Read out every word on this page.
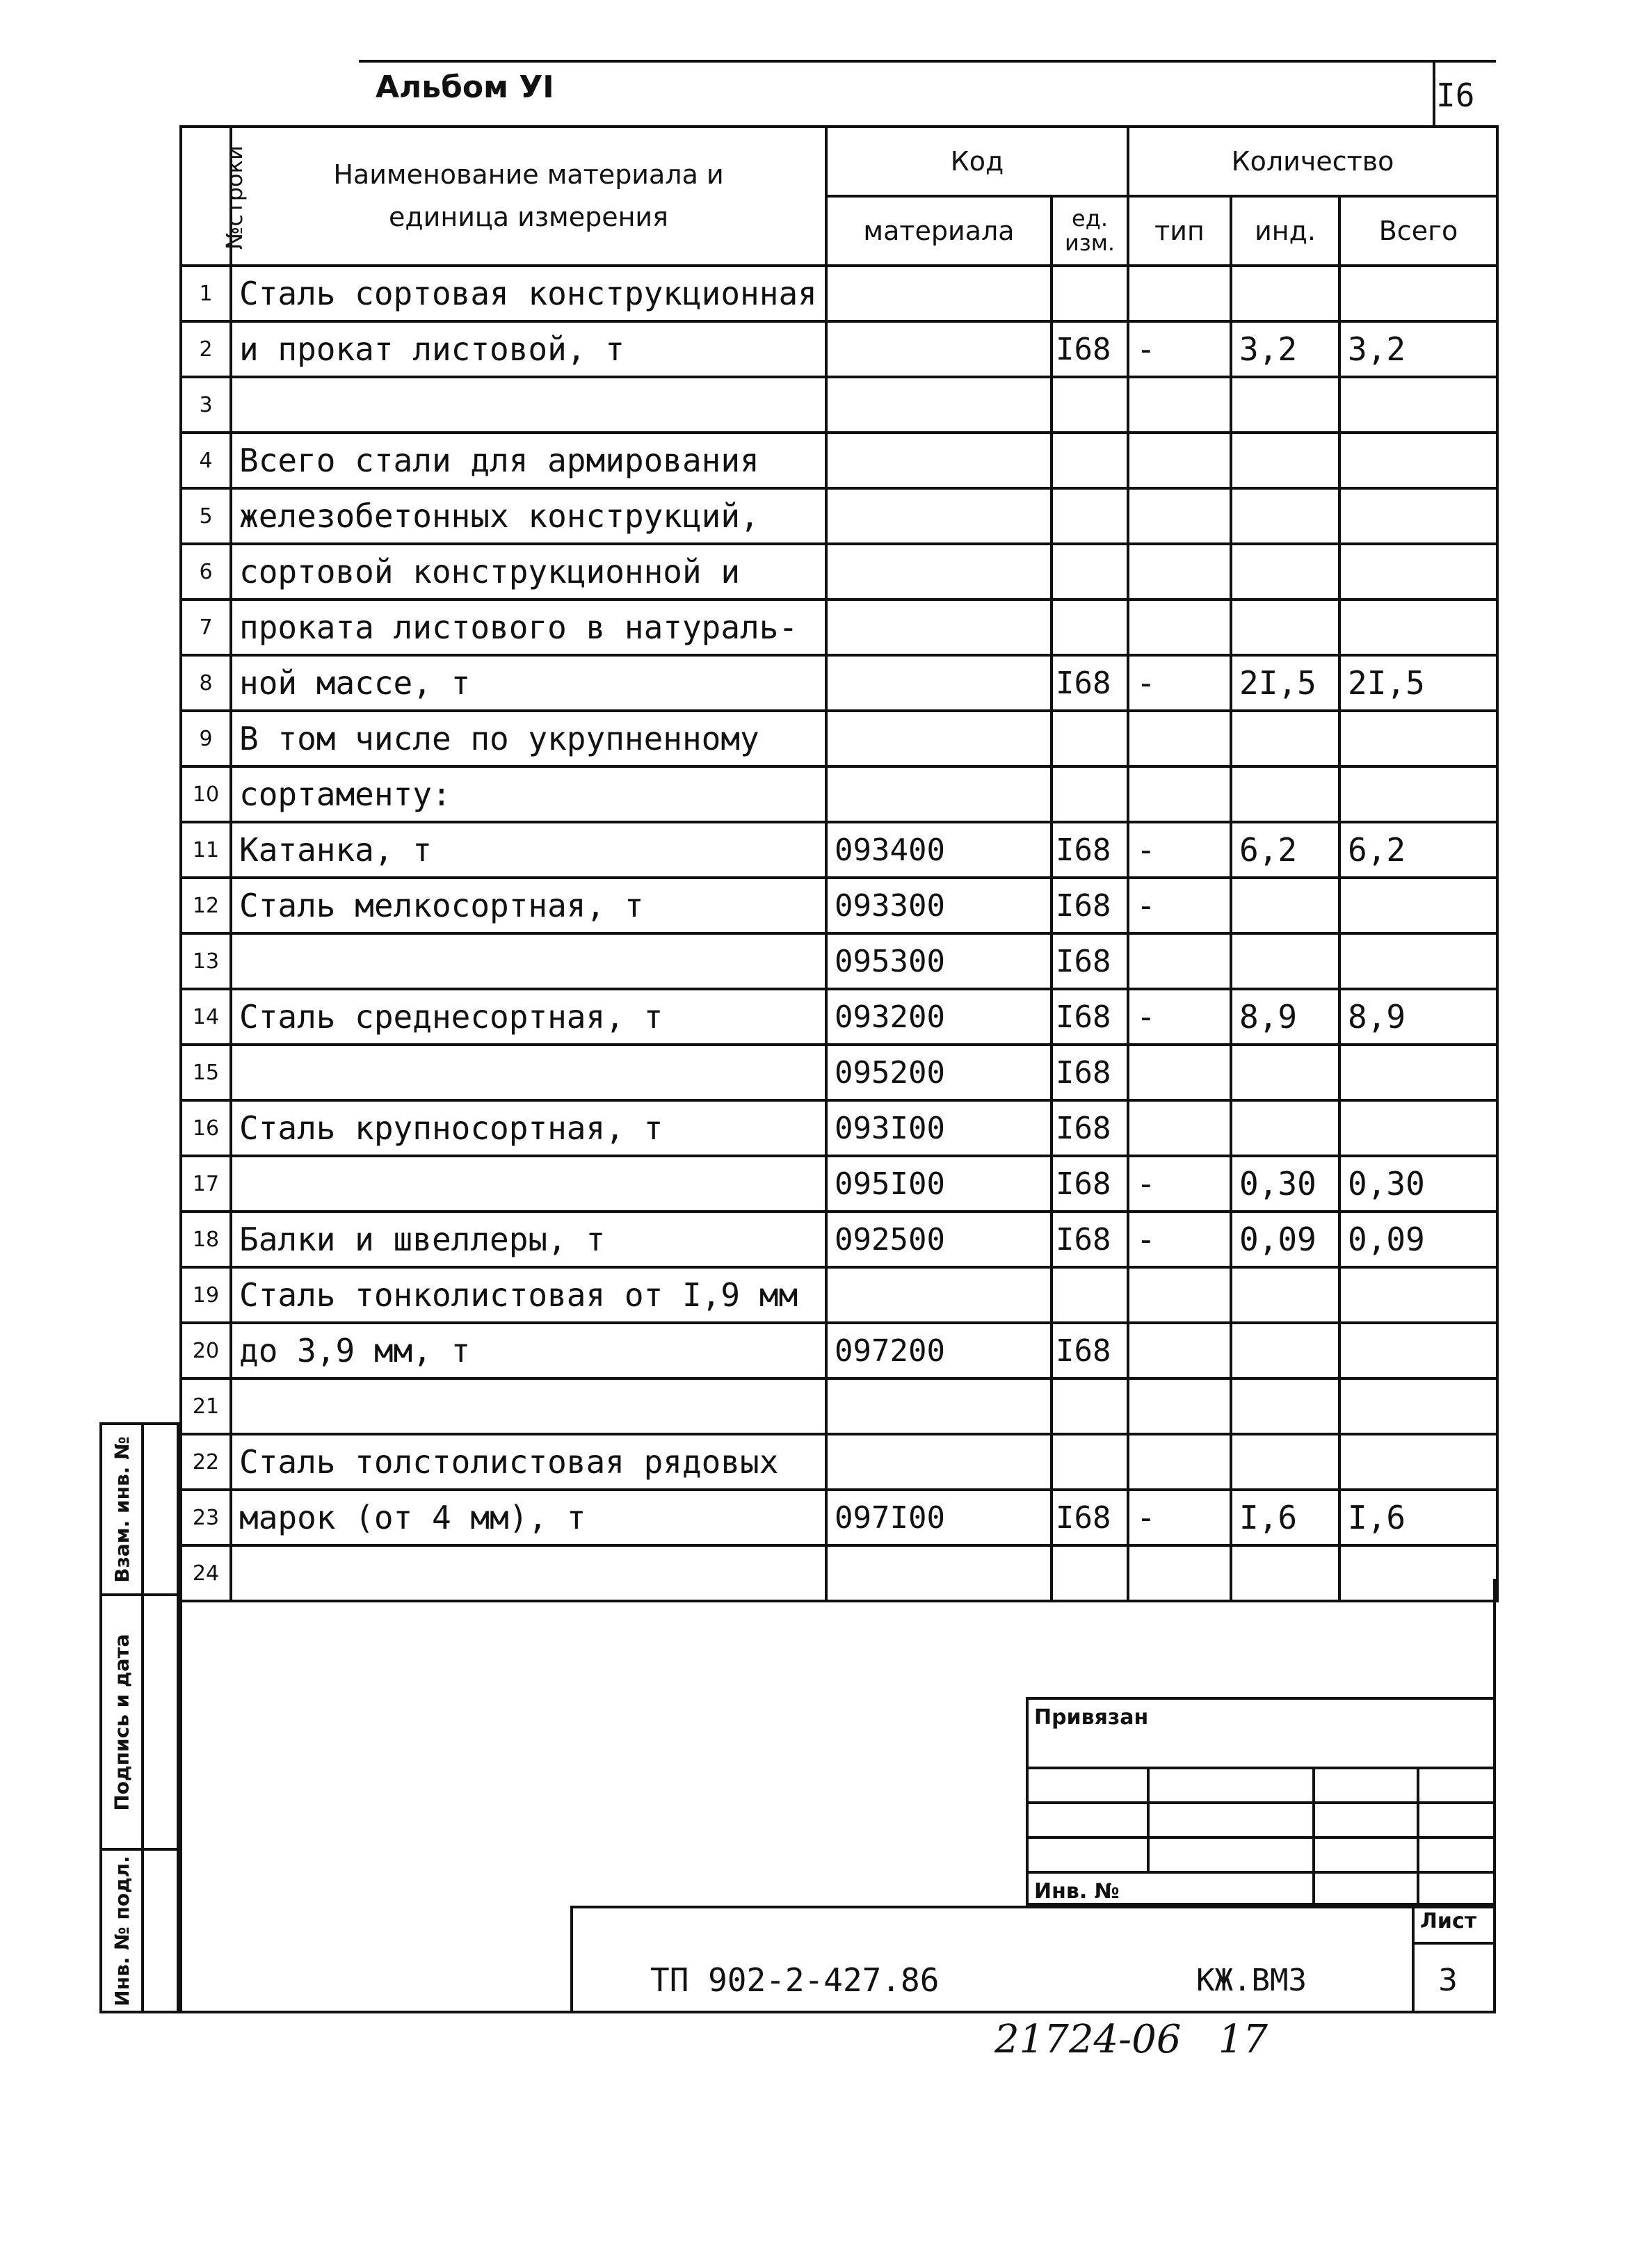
Альбом УI	I6
№строки	Наименование материала и единица измерения	Код		Количество		
		материала	ед. изм.	тип	инд.	Всего
1	Сталь сортовая конструкционная					
2	и прокат листовой, т		I68	-	3,2	3,2
3						
4	Всего стали для армирования					
5	железобетонных конструкций,					
6	сортовой конструкционной и					
7	проката листового в натураль-					
8	ной массе, т		I68	-	2I,5	2I,5
9	В том числе по укрупненному					
10	сортаменту:					
11	Катанка, т	093400	I68	-	6,2	6,2
12	Сталь мелкосортная, т	093300	I68	-		
13		095300	I68			
14	Сталь среднесортная, т	093200	I68	-	8,9	8,9
15		095200	I68			
16	Сталь крупносортная, т	093I00	I68			
17		095I00	I68	-	0,30	0,30
18	Балки и швеллеры, т	092500	I68	-	0,09	0,09
19	Сталь тонколистовая от I,9 мм					
20	до 3,9 мм, т	097200	I68			
21						
22	Сталь толстолистовая рядовых					
23	марок (от 4 мм), т	097I00	I68	-	I,6	I,6
24						
Взам. инв. №
Подпись и дата
Инв. № подл.
Привязан
Инв. №
ТП 902-2-427.86	КЖ.ВМЗ
Лист
3
21724-06   17
